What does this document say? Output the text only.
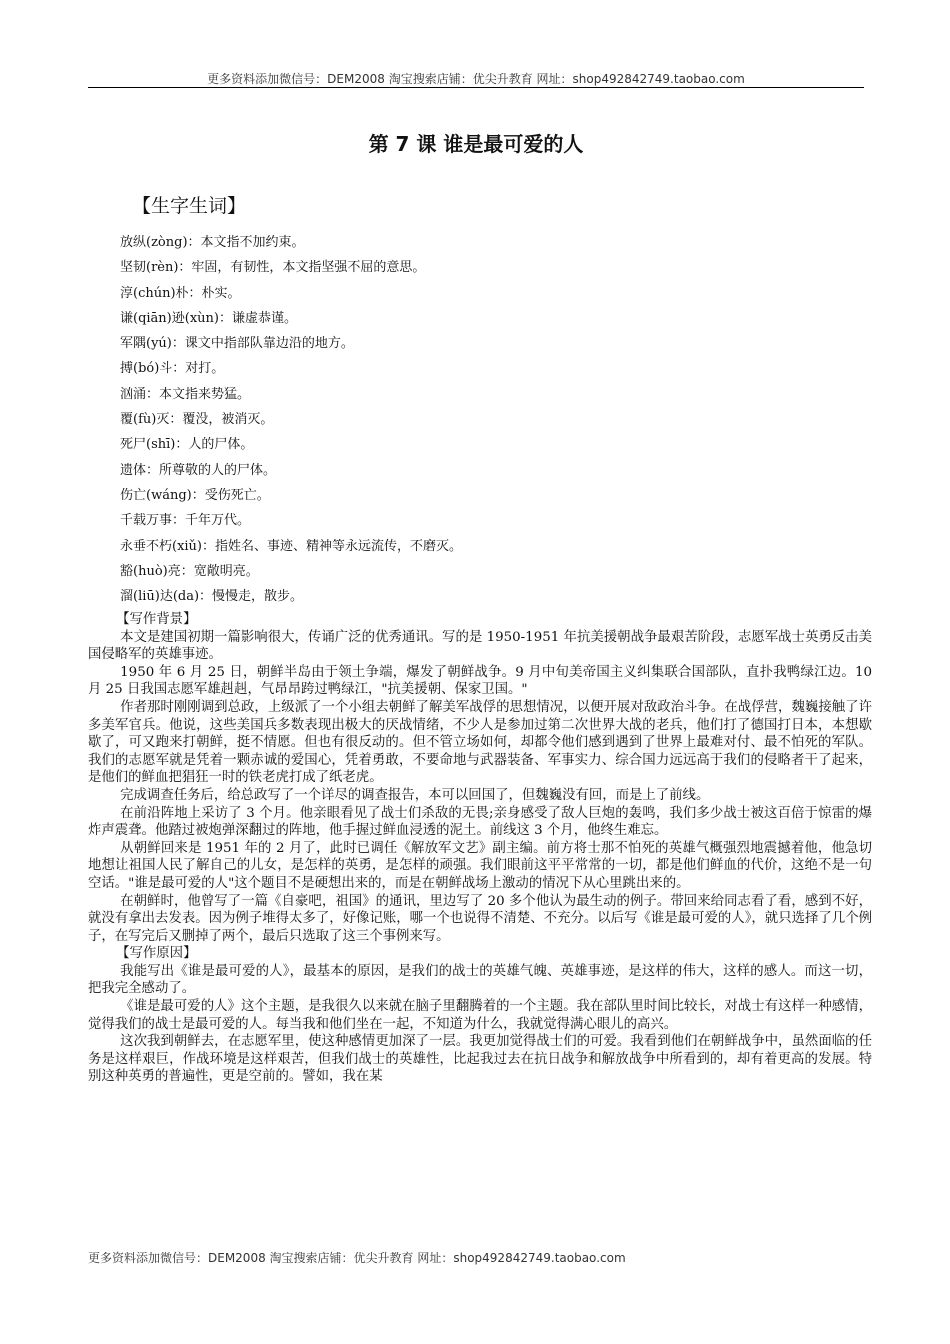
更多资料添加微信号：DEM2008 淘宝搜索店铺：优尖升教育 网址：shop492842749.taobao.com
第 7 课 谁是最可爱的人
【生字生词】
放纵(zòng)：本文指不加约束。
坚韧(rèn)：牢固，有韧性，本文指坚强不屈的意思。
淳(chún)朴：朴实。
谦(qiān)逊(xùn)：谦虚恭谨。
军隅(yú)：课文中指部队靠边沿的地方。
搏(bó)斗：对打。
汹涌：本文指来势猛。
覆(fù)灭：覆没，被消灭。
死尸(shī)：人的尸体。
遗体：所尊敬的人的尸体。
伤亡(wáng)：受伤死亡。
千载万事：千年万代。
永垂不朽(xiǔ)：指姓名、事迹、精神等永远流传，不磨灭。
豁(huò)亮：宽敞明亮。
溜(liū)达(da)：慢慢走，散步。

【写作背景】

本文是建国初期一篇影响很大，传诵广泛的优秀通讯。写的是 1950-1951 年抗美援朝战争最艰苦阶段，志愿军战士英勇反击美国侵略军的英雄事迹。

1950 年 6 月 25 日，朝鲜半岛由于领土争端，爆发了朝鲜战争。9 月中旬美帝国主义纠集联合国部队，直扑我鸭绿江边。10 月 25 日我国志愿军雄赳赳，气昂昂跨过鸭绿江，"抗美援朝、保家卫国。"

作者那时刚刚调到总政，上级派了一个小组去朝鲜了解美军战俘的思想情况，以便开展对敌政治斗争。在战俘营，魏巍接触了许多美军官兵。他说，这些美国兵多数表现出极大的厌战情绪，不少人是参加过第二次世界大战的老兵，他们打了德国打日本，本想歇歇了，可又跑来打朝鲜，挺不情愿。但也有很反动的。但不管立场如何，却都令他们感到遇到了世界上最难对付、最不怕死的军队。我们的志愿军就是凭着一颗赤诚的爱国心，凭着勇敢，不要命地与武器装备、军事实力、综合国力远远高于我们的侵略者干了起来，是他们的鲜血把猖狂一时的铁老虎打成了纸老虎。

完成调查任务后，给总政写了一个详尽的调查报告，本可以回国了，但魏巍没有回，而是上了前线。

在前沿阵地上采访了 3 个月。他亲眼看见了战士们杀敌的无畏;亲身感受了敌人巨炮的轰鸣，我们多少战士被这百倍于惊雷的爆炸声震聋。他踏过被炮弹深翻过的阵地，他手握过鲜血浸透的泥土。前线这 3 个月，他终生难忘。

从朝鲜回来是 1951 年的 2 月了，此时已调任《解放军文艺》副主编。前方将士那不怕死的英雄气概强烈地震撼着他，他急切地想让祖国人民了解自己的儿女，是怎样的英勇，是怎样的顽强。我们眼前这平平常常的一切，都是他们鲜血的代价，这绝不是一句空话。"谁是最可爱的人"这个题目不是硬想出来的，而是在朝鲜战场上激动的情况下从心里跳出来的。

在朝鲜时，他曾写了一篇《自豪吧，祖国》的通讯，里边写了 20 多个他认为最生动的例子。带回来给同志看了看，感到不好，就没有拿出去发表。因为例子堆得太多了，好像记账，哪一个也说得不清楚、不充分。以后写《谁是最可爱的人》，就只选择了几个例子，在写完后又删掉了两个，最后只选取了这三个事例来写。

【写作原因】

我能写出《谁是最可爱的人》，最基本的原因，是我们的战士的英雄气魄、英雄事迹，是这样的伟大，这样的感人。而这一切，把我完全感动了。

《谁是最可爱的人》这个主题，是我很久以来就在脑子里翻腾着的一个主题。我在部队里时间比较长，对战士有这样一种感情，觉得我们的战士是最可爱的人。每当我和他们坐在一起，不知道为什么，我就觉得满心眼儿的高兴。

这次我到朝鲜去，在志愿军里，使这种感情更加深了一层。我更加觉得战士们的可爱。我看到他们在朝鲜战争中，虽然面临的任务是这样艰巨，作战环境是这样艰苦，但我们战士的英雄性，比起我过去在抗日战争和解放战争中所看到的，却有着更高的发展。特别这种英勇的普遍性，更是空前的。譬如，我在某

更多资料添加微信号：DEM2008 淘宝搜索店铺：优尖升教育 网址：shop492842749.taobao.com
